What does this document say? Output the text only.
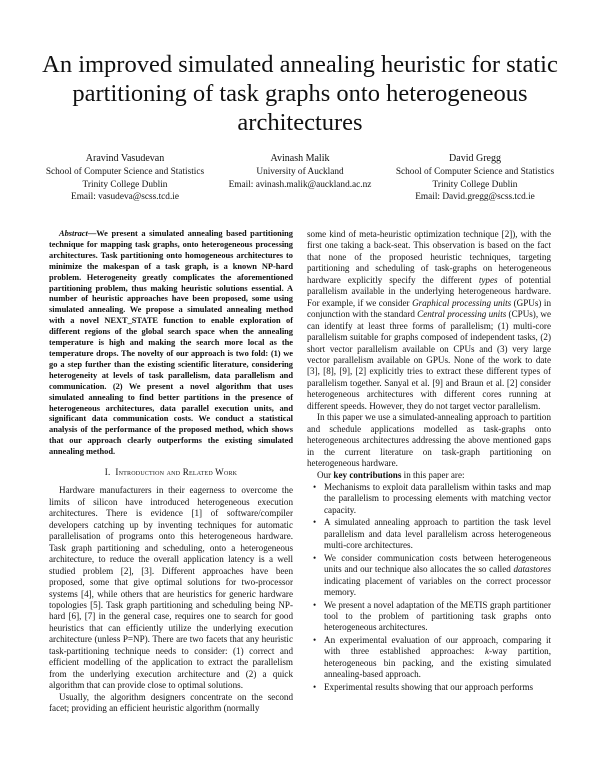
An improved simulated annealing heuristic for static partitioning of task graphs onto heterogeneous architectures
Aravind Vasudevan
School of Computer Science and Statistics
Trinity College Dublin
Email: vasudeva@scss.tcd.ie
Avinash Malik
University of Auckland
Email: avinash.malik@auckland.ac.nz
David Gregg
School of Computer Science and Statistics
Trinity College Dublin
Email: David.gregg@scss.tcd.ie

Abstract—We present a simulated annealing based partitioning technique for mapping task graphs, onto heterogeneous processing architectures. Task partitioning onto homogeneous architectures to minimize the makespan of a task graph, is a known NP-hard problem. Heterogeneity greatly complicates the aforementioned partitioning problem, thus making heuristic solutions essential. A number of heuristic approaches have been proposed, some using simulated annealing. We propose a simulated annealing method with a novel NEXT_STATE function to enable exploration of different regions of the global search space when the annealing temperature is high and making the search more local as the temperature drops. The novelty of our approach is two fold: (1) we go a step further than the existing scientific literature, considering heterogeneity at levels of task parallelism, data parallelism and communication. (2) We present a novel algorithm that uses simulated annealing to find better partitions in the presence of heterogeneous architectures, data parallel execution units, and significant data communication costs. We conduct a statistical analysis of the performance of the proposed method, which shows that our approach clearly outperforms the existing simulated annealing method.

I. Introduction and Related Work

Hardware manufacturers in their eagerness to overcome the limits of silicon have introduced heterogeneous execution architectures. There is evidence [1] of software/compiler developers catching up by inventing techniques for automatic parallelisation of programs onto this heterogeneous hardware. Task graph partitioning and scheduling, onto a heterogeneous architecture, to reduce the overall application latency is a well studied problem [2], [3]. Different approaches have been proposed, some that give optimal solutions for two-processor systems [4], while others that are heuristics for generic hardware topologies [5]. Task graph partitioning and scheduling being NP-hard [6], [7] in the general case, requires one to search for good heuristics that can efficiently utilize the underlying execution architecture (unless P=NP). There are two facets that any heuristic task-partitioning technique needs to consider: (1) correct and efficient modelling of the application to extract the parallelism from the underlying execution architecture and (2) a quick algorithm that can provide close to optimal solutions.

Usually, the algorithm designers concentrate on the second facet; providing an efficient heuristic algorithm (normally

some kind of meta-heuristic optimization technique [2]), with the first one taking a back-seat. This observation is based on the fact that none of the proposed heuristic techniques, targeting partitioning and scheduling of task-graphs on heterogeneous hardware explicitly specify the different types of potential parallelism available in the underlying heterogeneous hardware. For example, if we consider Graphical processing units (GPUs) in conjunction with the standard Central processing units (CPUs), we can identify at least three forms of parallelism; (1) multi-core parallelism suitable for graphs composed of independent tasks, (2) short vector parallelism available on CPUs and (3) very large vector parallelism available on GPUs. None of the work to date [3], [8], [9], [2] explicitly tries to extract these different types of parallelism together. Sanyal et al. [9] and Braun et al. [2] consider heterogeneous architectures with different cores running at different speeds. However, they do not target vector parallelism.

In this paper we use a simulated-annealing approach to partition and schedule applications modelled as task-graphs onto heterogeneous architectures addressing the above mentioned gaps in the current literature on task-graph partitioning on heterogeneous hardware.

Our key contributions in this paper are:

• Mechanisms to exploit data parallelism within tasks and map the parallelism to processing elements with matching vector capacity.
• A simulated annealing approach to partition the task level parallelism and data level parallelism across heterogeneous multi-core architectures.
• We consider communication costs between heterogeneous units and our technique also allocates the so called datastores indicating placement of variables on the correct processor memory.
• We present a novel adaptation of the METIS graph partitioner tool to the problem of partitioning task graphs onto heterogeneous architectures.
• An experimental evaluation of our approach, comparing it with three established approaches: k-way partition, heterogeneous bin packing, and the existing simulated annealing-based approach.
• Experimental results showing that our approach performs
